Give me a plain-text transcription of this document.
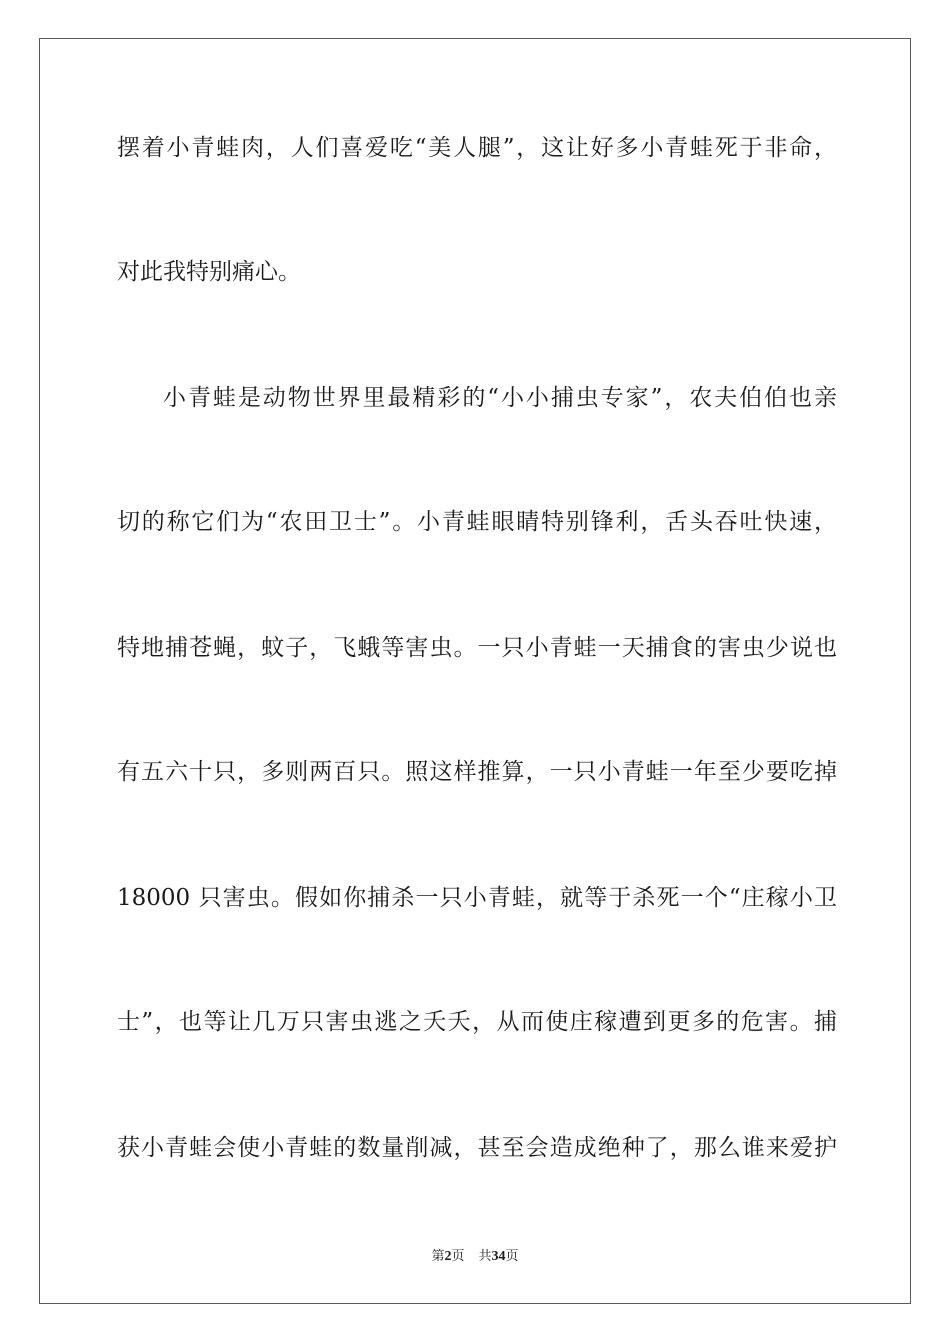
摆着小青蛙肉，人们喜爱吃“美人腿”，这让好多小青蛙死于非命，
对此我特别痛心。
小青蛙是动物世界里最精彩的“小小捕虫专家”，农夫伯伯也亲
切的称它们为“农田卫士”。小青蛙眼睛特别锋利，舌头吞吐快速，
特地捕苍蝇，蚊子，飞蛾等害虫。一只小青蛙一天捕食的害虫少说也
有五六十只，多则两百只。照这样推算，一只小青蛙一年至少要吃掉
18000 只害虫。假如你捕杀一只小青蛙，就等于杀死一个“庄稼小卫
士”，也等让几万只害虫逃之夭夭，从而使庄稼遭到更多的危害。捕
获小青蛙会使小青蛙的数量削减，甚至会造成绝种了，那么谁来爱护
第2页 共34页
